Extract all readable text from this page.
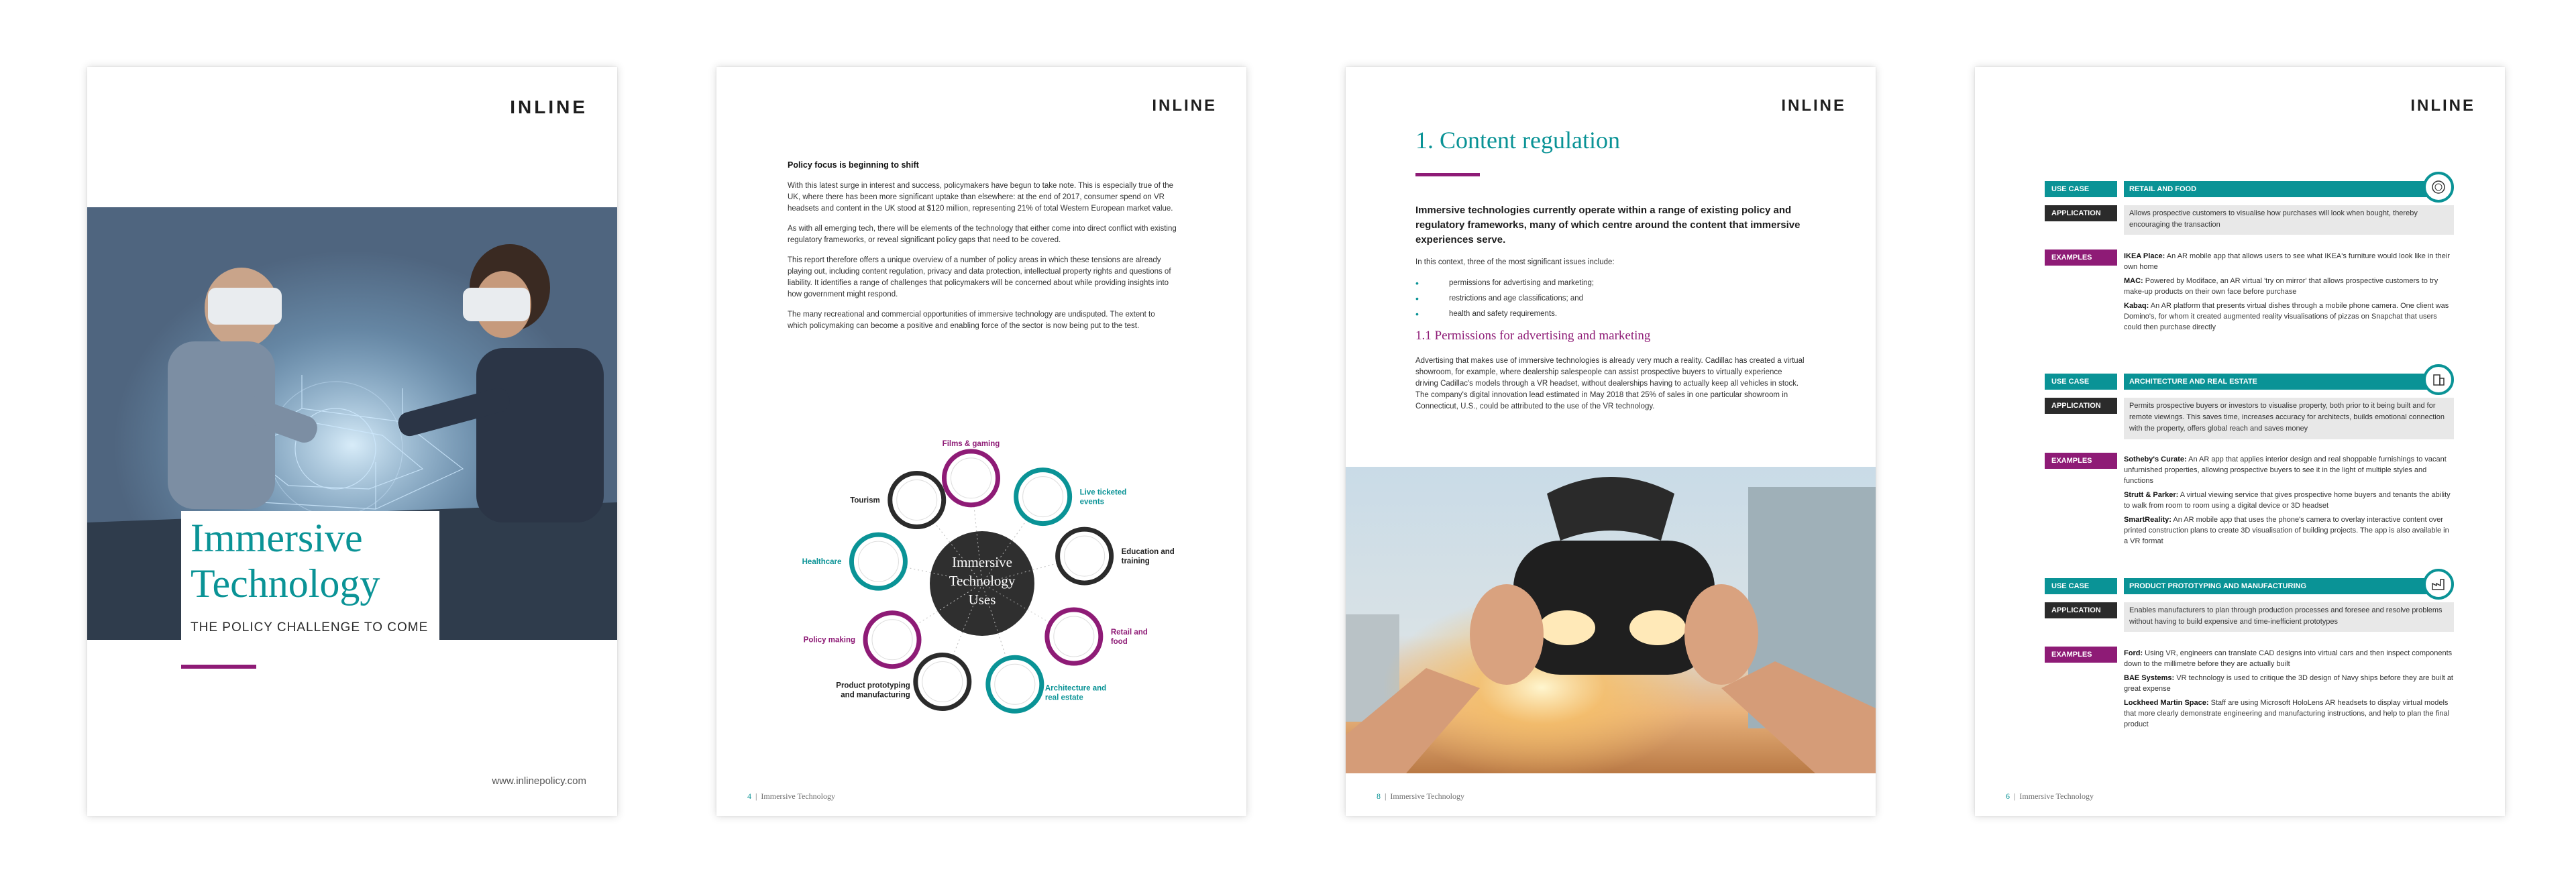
INLINE
Immersive
Technology
THE POLICY CHALLENGE TO COME
www.inlinepolicy.com
INLINE
Policy focus is beginning to shift

With this latest surge in interest and success, policymakers have begun to take note. This is especially true of the UK, where there has been more significant uptake than elsewhere: at the end of 2017, consumer spend on VR headsets and content in the UK stood at $120 million, representing 21% of total Western European market value.

As with all emerging tech, there will be elements of the technology that either come into direct conflict with existing regulatory frameworks, or reveal significant policy gaps that need to be covered.

This report therefore offers a unique overview of a number of policy areas in which these tensions are already playing out, including content regulation, privacy and data protection, intellectual property rights and questions of liability. It identifies a range of challenges that policymakers will be concerned about while providing insights into how government might respond.

The many recreational and commercial opportunities of immersive technology are undisputed. The extent to which policymaking can become a positive and enabling force of the sector is now being put to the test.

Immersive
Technology
Uses
Films & gaming
Live ticketed
events
Education and
training
Retail and
food
Architecture and
real estate
Product prototyping
and manufacturing
Policy making
Healthcare
Tourism
4  |  Immersive Technology
INLINE
1. Content regulation
Immersive technologies currently operate within a range of existing policy and regulatory frameworks, many of which centre around the content that immersive experiences serve.
In this context, three of the most significant issues include:
• permissions for advertising and marketing;
• restrictions and age classifications; and
• health and safety requirements.
1.1 Permissions for advertising and marketing
Advertising that makes use of immersive technologies is already very much a reality. Cadillac has created a virtual showroom, for example, where dealership salespeople can assist prospective buyers to virtually experience driving Cadillac's models through a VR headset, without dealerships having to actually keep all vehicles in stock. The company's digital innovation lead estimated in May 2018 that 25% of sales in one particular showroom in Connecticut, U.S., could be attributed to the use of the VR technology.
8  |  Immersive Technology
INLINE
USE CASE	RETAIL AND FOOD
APPLICATION	Allows prospective customers to visualise how purchases will look when bought, thereby encouraging the transaction
EXAMPLES	IKEA Place: An AR mobile app that allows users to see what IKEA's furniture would look like in their own home

MAC: Powered by Modiface, an AR virtual 'try on mirror' that allows prospective customers to try make-up products on their own face before purchase

Kabaq: An AR platform that presents virtual dishes through a mobile phone camera. One client was Domino's, for whom it created augmented reality visualisations of pizzas on Snapchat that users could then purchase directly

USE CASE	ARCHITECTURE AND REAL ESTATE
APPLICATION	Permits prospective buyers or investors to visualise property, both prior to it being built and for remote viewings. This saves time, increases accuracy for architects, builds emotional connection with the property, offers global reach and saves money
EXAMPLES	Sotheby's Curate: An AR app that applies interior design and real shoppable furnishings to vacant unfurnished properties, allowing prospective buyers to see it in the light of multiple styles and functions

Strutt & Parker: A virtual viewing service that gives prospective home buyers and tenants the ability to walk from room to room using a digital device or 3D headset

SmartReality: An AR mobile app that uses the phone's camera to overlay interactive content over printed construction plans to create 3D visualisation of building projects. The app is also available in a VR format

USE CASE	PRODUCT PROTOTYPING AND MANUFACTURING
APPLICATION	Enables manufacturers to plan through production processes and foresee and resolve problems without having to build expensive and time-inefficient prototypes
EXAMPLES	Ford: Using VR, engineers can translate CAD designs into virtual cars and then inspect components down to the millimetre before they are actually built

BAE Systems: VR technology is used to critique the 3D design of Navy ships before they are built at great expense

Lockheed Martin Space: Staff are using Microsoft HoloLens AR headsets to display virtual models that more clearly demonstrate engineering and manufacturing instructions, and help to plan the final product

6  |  Immersive Technology
